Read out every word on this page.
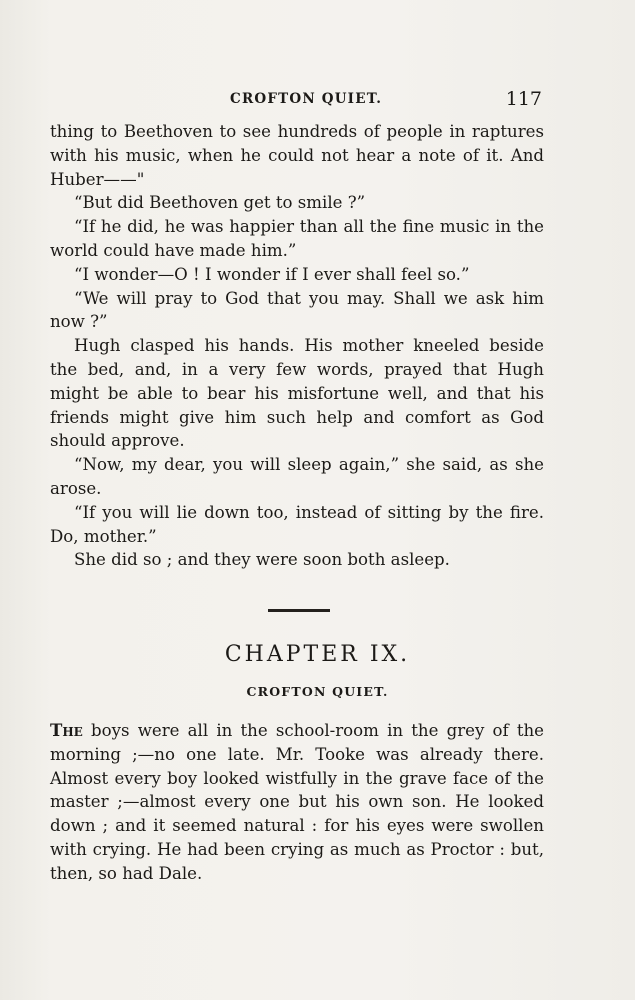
CROFTON QUIET.	117

thing to Beethoven to see hundreds of people in raptures with his music, when he could not hear a note of it. And Huber——"

“But did Beethoven get to smile ?”

“If he did, he was happier than all the fine music in the world could have made him.”

“I wonder—O ! I wonder if I ever shall feel so.”

“We will pray to God that you may. Shall we ask him now ?”

Hugh clasped his hands. His mother kneeled beside the bed, and, in a very few words, prayed that Hugh might be able to bear his misfortune well, and that his friends might give him such help and comfort as God should approve.

“Now, my dear, you will sleep again,” she said, as she arose.

“If you will lie down too, instead of sitting by the fire. Do, mother.”

She did so ; and they were soon both asleep.

CHAPTER IX.
CROFTON QUIET.

The boys were all in the school-room in the grey of the morning ;—no one late. Mr. Tooke was already there. Almost every boy looked wistfully in the grave face of the master ;—almost every one but his own son. He looked down ; and it seemed natural : for his eyes were swollen with crying. He had been crying as much as Proctor : but, then, so had Dale.
